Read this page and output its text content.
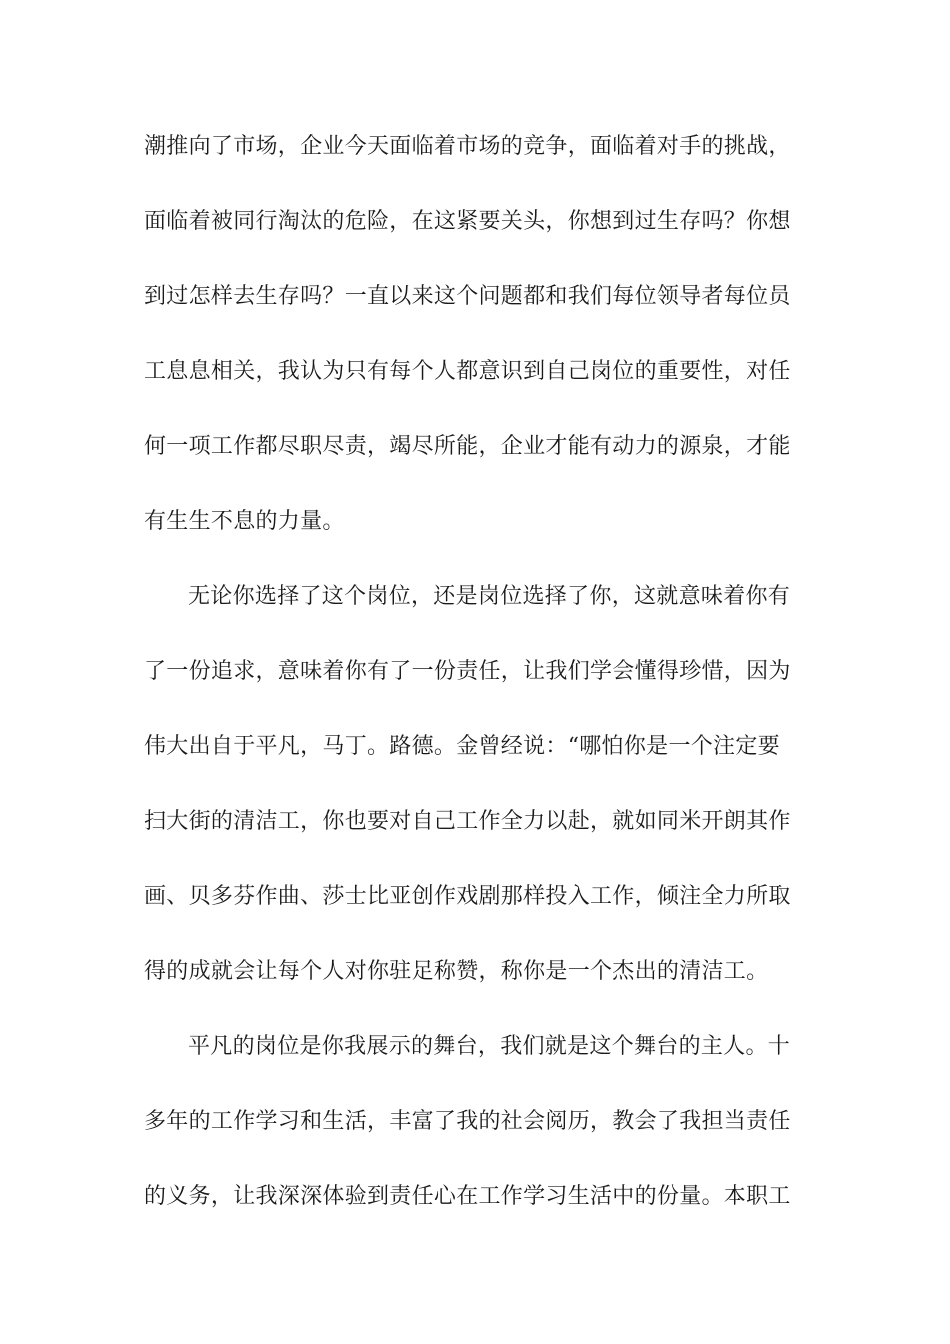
潮推向了市场，企业今天面临着市场的竞争，面临着对手的挑战，
面临着被同行淘汰的危险，在这紧要关头，你想到过生存吗？你想
到过怎样去生存吗？一直以来这个问题都和我们每位领导者每位员
工息息相关，我认为只有每个人都意识到自己岗位的重要性，对任
何一项工作都尽职尽责，竭尽所能，企业才能有动力的源泉，才能
有生生不息的力量。
无论你选择了这个岗位，还是岗位选择了你，这就意味着你有
了一份追求，意味着你有了一份责任，让我们学会懂得珍惜，因为
伟大出自于平凡，马丁。路德。金曾经说：“哪怕你是一个注定要
扫大街的清洁工，你也要对自己工作全力以赴，就如同米开朗其作
画、贝多芬作曲、莎士比亚创作戏剧那样投入工作，倾注全力所取
得的成就会让每个人对你驻足称赞，称你是一个杰出的清洁工。
平凡的岗位是你我展示的舞台，我们就是这个舞台的主人。十
多年的工作学习和生活，丰富了我的社会阅历，教会了我担当责任
的义务，让我深深体验到责任心在工作学习生活中的份量。本职工
